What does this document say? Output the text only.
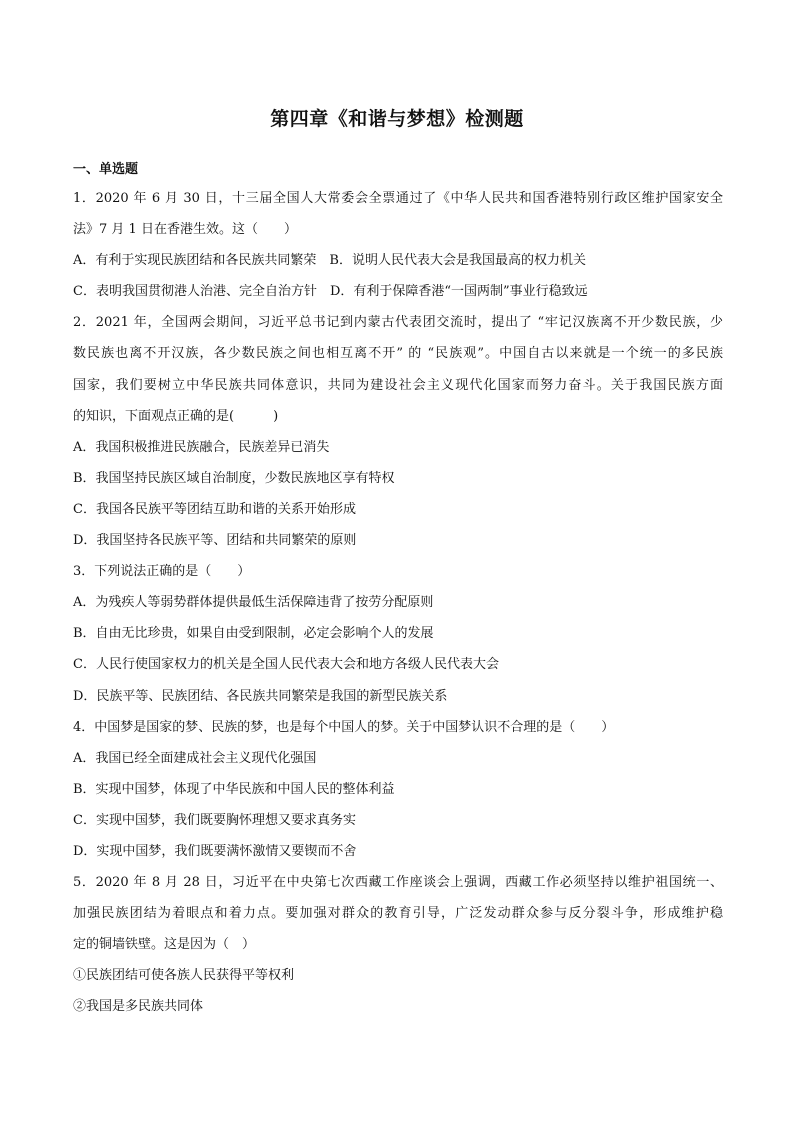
第四章《和谐与梦想》检测题
一、单选题
1．2020 年 6 月 30 日，十三届全国人大常委会全票通过了《中华人民共和国香港特别行政区维护国家安全
法》7 月 1 日在香港生效。这（　　）
A．有利于实现民族团结和各民族共同繁荣　B．说明人民代表大会是我国最高的权力机关
C．表明我国贯彻港人治港、完全自治方针　D．有利于保障香港“一国两制”事业行稳致远
2．2021 年，全国两会期间，习近平总书记到内蒙古代表团交流时，提出了 “牢记汉族离不开少数民族，少
数民族也离不开汉族，各少数民族之间也相互离不开” 的 “民族观”。中国自古以来就是一个统一的多民族
国家，我们要树立中华民族共同体意识，共同为建设社会主义现代化国家而努力奋斗。关于我国民族方面
的知识，下面观点正确的是(　　　)
A．我国积极推进民族融合，民族差异已消失
B．我国坚持民族区域自治制度，少数民族地区享有特权
C．我国各民族平等团结互助和谐的关系开始形成
D．我国坚持各民族平等、团结和共同繁荣的原则
3．下列说法正确的是（　　）
A．为残疾人等弱势群体提供最低生活保障违背了按劳分配原则
B．自由无比珍贵，如果自由受到限制，必定会影响个人的发展
C．人民行使国家权力的机关是全国人民代表大会和地方各级人民代表大会
D．民族平等、民族团结、各民族共同繁荣是我国的新型民族关系
4．中国梦是国家的梦、民族的梦，也是每个中国人的梦。关于中国梦认识不合理的是（　　）
A．我国已经全面建成社会主义现代化强国
B．实现中国梦，体现了中华民族和中国人民的整体利益
C．实现中国梦，我们既要胸怀理想又要求真务实
D．实现中国梦，我们既要满怀激情又要锲而不舍
5．2020 年 8 月 28 日，习近平在中央第七次西藏工作座谈会上强调，西藏工作必须坚持以维护祖国统一、
加强民族团结为着眼点和着力点。要加强对群众的教育引导，广泛发动群众参与反分裂斗争，形成维护稳
定的铜墙铁壁。这是因为（　）
①民族团结可使各族人民获得平等权利
②我国是多民族共同体
